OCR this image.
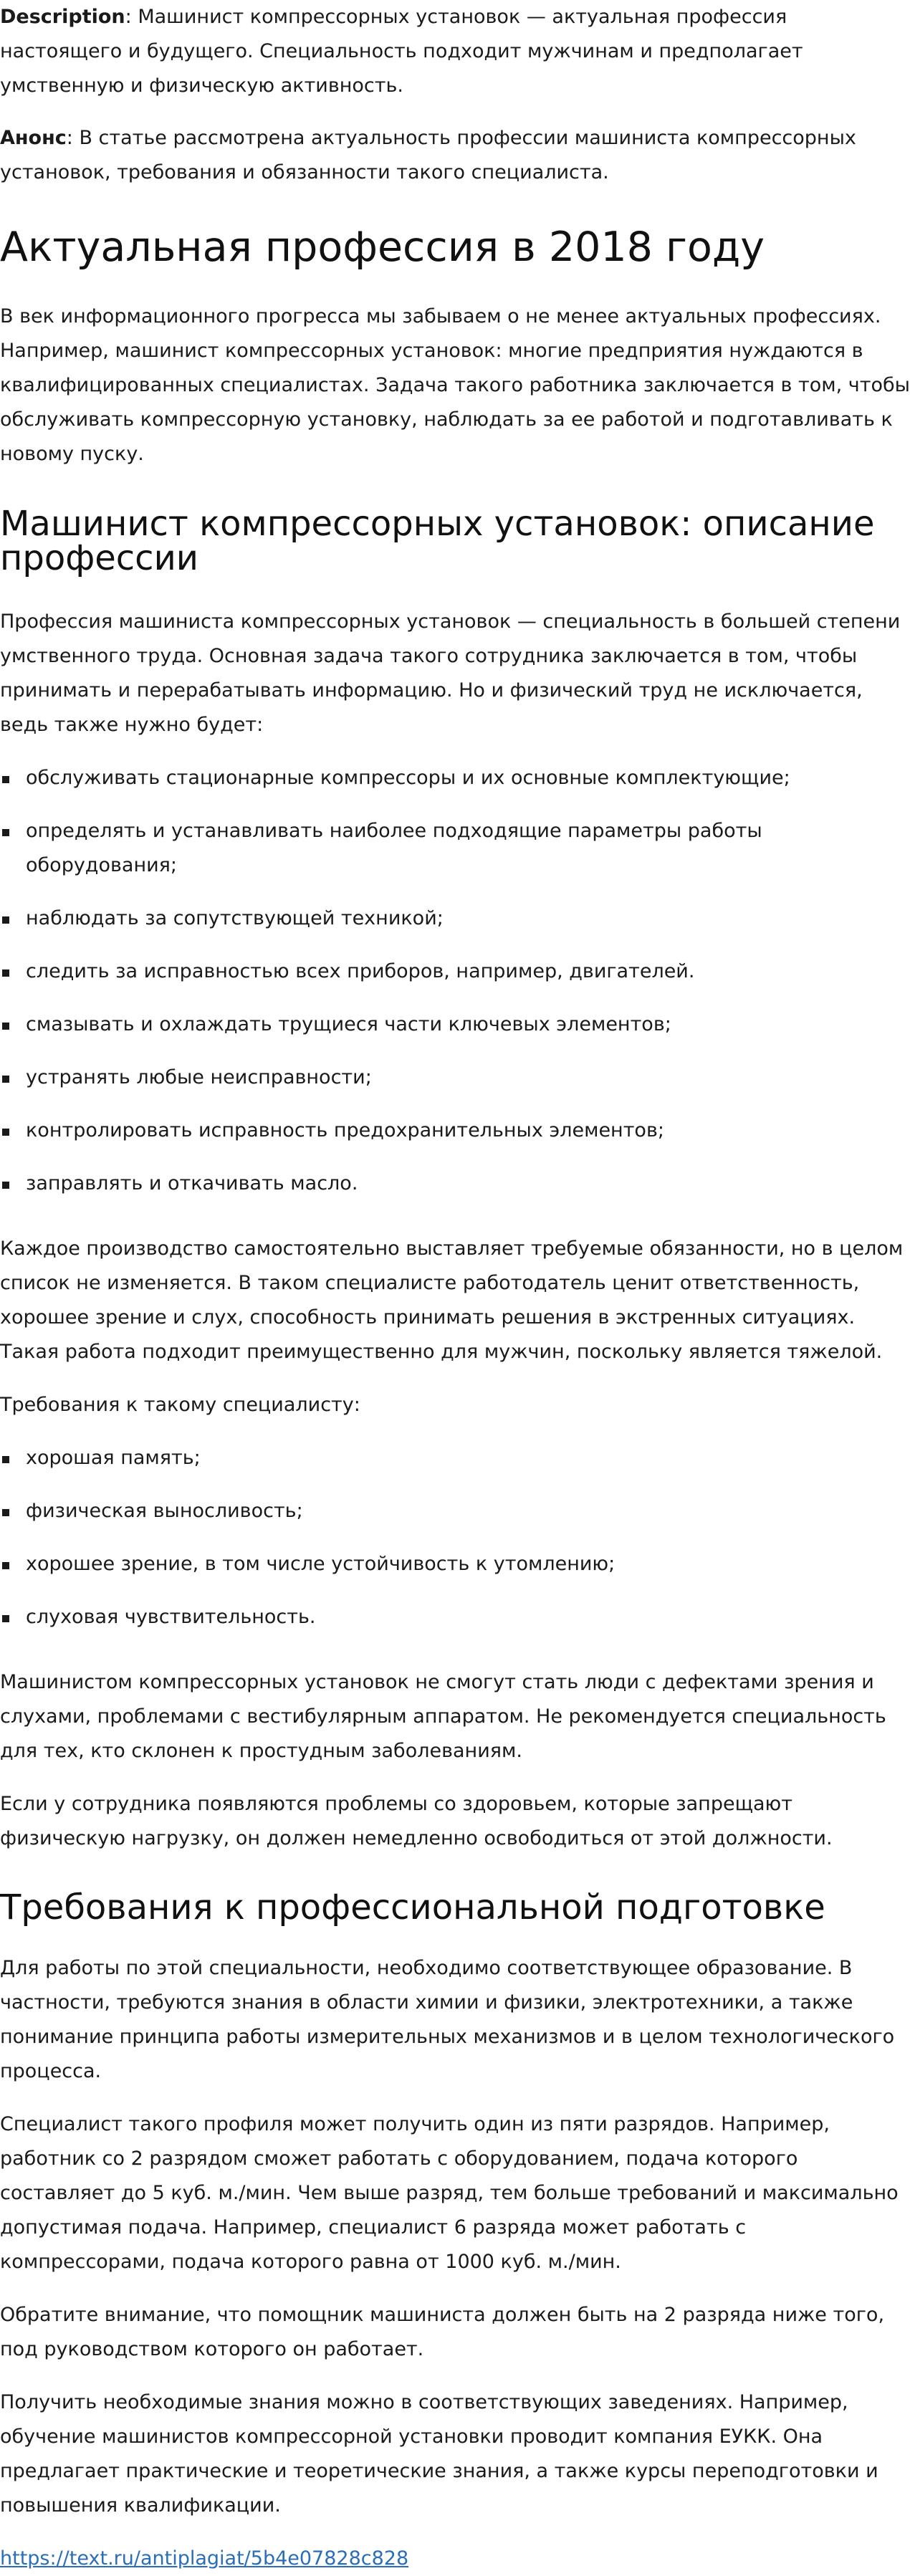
Description: Машинист компрессорных установок — актуальная профессия настоящего и будущего. Специальность подходит мужчинам и предполагает умственную и физическую активность.

Анонс: В статье рассмотрена актуальность профессии машиниста компрессорных установок, требования и обязанности такого специалиста.

Актуальная профессия в 2018 году

В век информационного прогресса мы забываем о не менее актуальных профессиях. Например, машинист компрессорных установок: многие предприятия нуждаются в квалифицированных специалистах. Задача такого работника заключается в том, чтобы обслуживать компрессорную установку, наблюдать за ее работой и подготавливать к новому пуску.

Машинист компрессорных установок: описание профессии

Профессия машиниста компрессорных установок — специальность в большей степени умственного труда. Основная задача такого сотрудника заключается в том, чтобы принимать и перерабатывать информацию. Но и физический труд не исключается, ведь также нужно будет:

обслуживать стационарные компрессоры и их основные комплектующие;
определять и устанавливать наиболее подходящие параметры работы оборудования;
наблюдать за сопутствующей техникой;
следить за исправностью всех приборов, например, двигателей.
смазывать и охлаждать трущиеся части ключевых элементов;
устранять любые неисправности;
контролировать исправность предохранительных элементов;
заправлять и откачивать масло.

Каждое производство самостоятельно выставляет требуемые обязанности, но в целом список не изменяется. В таком специалисте работодатель ценит ответственность, хорошее зрение и слух, способность принимать решения в экстренных ситуациях. Такая работа подходит преимущественно для мужчин, поскольку является тяжелой.

Требования к такому специалисту:

хорошая память;
физическая выносливость;
хорошее зрение, в том числе устойчивость к утомлению;
слуховая чувствительность.

Машинистом компрессорных установок не смогут стать люди с дефектами зрения и слухами, проблемами с вестибулярным аппаратом. Не рекомендуется специальность для тех, кто склонен к простудным заболеваниям.

Если у сотрудника появляются проблемы со здоровьем, которые запрещают физическую нагрузку, он должен немедленно освободиться от этой должности.

Требования к профессиональной подготовке

Для работы по этой специальности, необходимо соответствующее образование. В частности, требуются знания в области химии и физики, электротехники, а также понимание принципа работы измерительных механизмов и в целом технологического процесса.

Специалист такого профиля может получить один из пяти разрядов. Например, работник со 2 разрядом сможет работать с оборудованием, подача которого составляет до 5 куб. м./мин. Чем выше разряд, тем больше требований и максимально допустимая подача. Например, специалист 6 разряда может работать с компрессорами, подача которого равна от 1000 куб. м./мин.

Обратите внимание, что помощник машиниста должен быть на 2 разряда ниже того, под руководством которого он работает.

Получить необходимые знания можно в соответствующих заведениях. Например, обучение машинистов компрессорной установки проводит компания ЕУКК. Она предлагает практические и теоретические знания, а также курсы переподготовки и повышения квалификации.

https://text.ru/antiplagiat/5b4e07828c828
